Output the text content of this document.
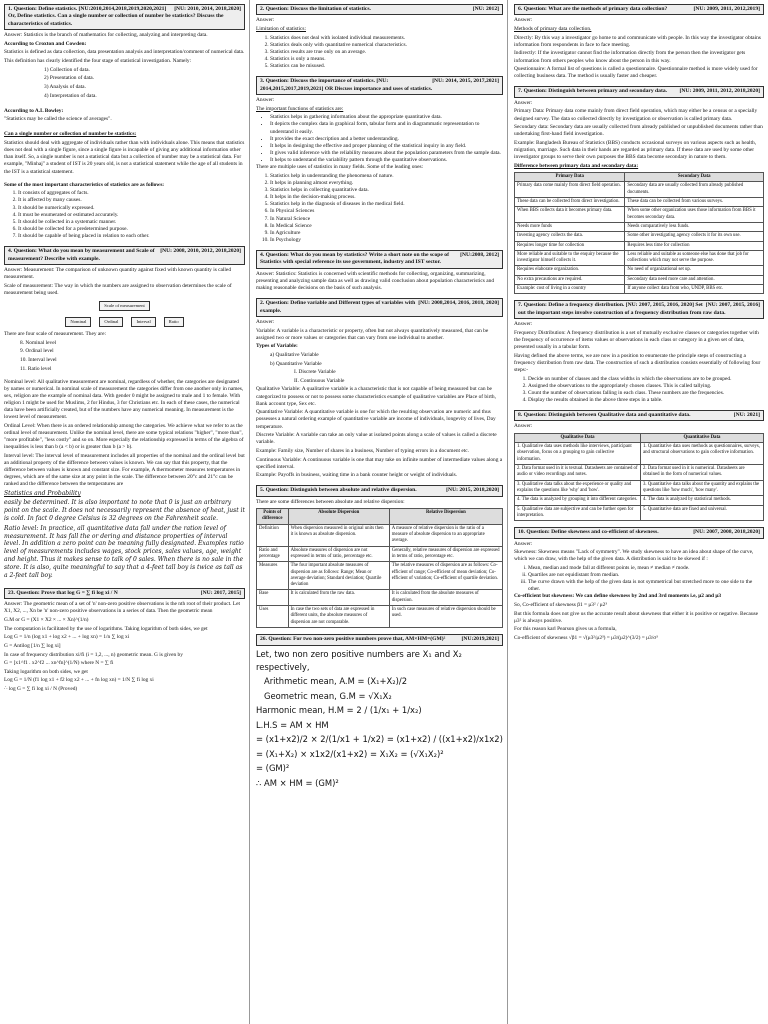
[NU: 2010, 2014, 2018,2020]
1. Question: Define statistics. [NU:2010,2014,2018,2019,2020,2021] Or, Define statistics. Can a single number or collection of number be statistics? Discuss the characteristics of statistics.

Answer: Statistics is the branch of mathematics for collecting, analyzing and interpreting data.

According to Croxton and Cowden:

Statistics is defined as data collection, data presentation analysis and interpretation/comment of numerical data.

This definition has clearly identified the four stage of statistical investigation. Namely:

1) Collection of data.

2) Presentation of data.

3) Analysis of data.

4) Interpretation of data.

According to A.L Bowley:

"Statistics may be called the science of averages".

Can a single number or collection of number be statistics:

Statistics should deal with aggregate of individuals rather than with individuals alone. This means that statistics does not deal with a single figure, since a single figure is incapable of giving any additional information other than itself. So, a single number is not a statistical data but a collection of number may be a statistical data. For example, "Minhaj" a student of IST is 20 years old, is not a statistical statement while the age of all students in the IST is a statistical statement.

Some of the most important characteristics of statistics are as follows:

1. It consists of aggregates of facts.
2. It is affected by many causes.
3. It should be numerically expressed.
4. It must be enumerated or estimated accurately.
5. It should be collected in a systematic manner.
6. It should be collected for a predetermined purpose.
7. It should be capable of being placed in relation to each other.
[NU: 2008, 2010, 2012, 2018,2020]
4. Question: What do you mean by measurement and Scale of measurement? Describe with example.

Answer: Measurement: The comparison of unknown quantity against fixed with known quantity is called measurement.

Scale of measurement: The way in which the numbers are assigned to observation determines the scale of measurement being used.

Scale of measurement
Nominal	Ordinal	Interval	Ratio

There are four scale of measurement. They are:

8. Nominal level

9. Ordinal level

10. Interval level

11. Ratio level

Nominal level: All qualitative measurement are nominal, regardless of whether, the categories are designated by names or numerical. In nominal scale of measurement the categories differ from one another only in names, sex, religion are the example of nominal data. With gender 0 might be assigned to male and 1 to female. With religion 1 might be used for Muslims, 2 for Hindus, 3 for Christians etc. In each of these cases, the numerical data have been artificially created, but of the numbers have any numerical meaning. In measurement is the lowest level of measurement.

Ordinal Level: When there is an ordered relationship among the categories. We achieve what we refer to as the ordinal level of measurement. Unlike the nominal level, there are some typical relations "higher", "more than", "more profitable", "less costly" and so on. More especially the relationship expressed in terms of the algebra of inequalities is less than b (a < b) or is greater than b (a > b).

Interval level: The interval level of measurement includes all properties of the nominal and the ordinal level but an additional property of the difference between values is known. We can say that this property, that the difference between values is known and constant size. For example, A thermometer measures temperatures in degrees, which are of the same size at any point in the scale. The difference between 20°c and 21°c can be ranked and the difference between the temperatures are

Statistics and Probability

easily be determined. It is also important to note that 0 is just an arbitrary point on the scale. It does not necessarily represent the absence of heat, just it is cold. In fact 0 degree Celsius is 32 degrees on the Fahrenheit scale.

Ratio level: In practice, all quantitative data fall under the ration level of measurement. It has fall the or dering and distance properties of interval level. In addition a zero point can be meaning fully designated. Examples ratio level of measurements includes wages, stock prices, sales values, age, weight and height. Thus it makes sense to talk of 0 sales. When there is no sale in the store. It is also, quite meaningful to say that a 4-feet tall boy is twice as tall as a 2-feet tall boy.

[NU: 2017, 2015]
23. Question: Prove that log G = ∑ fi log xi / N

Answer: The geometric mean of a set of 'n' non-zero positive observations is the nth root of their product. Let X1, X2, ..., Xn be 'n' non-zero positive observations in a series of data. Then the geometric mean

G.M or G = (X1 × X2 × ... × Xn)^(1/n)

The computation is facilitated by the use of logarithms. Taking logarithm of both sides, we get

Log G = 1/n (log x1 + log x2 + ... + log xn) = 1/n ∑ log xi

G = Antilog [1/n ∑ log xi]

In case of frequency distribution xi/fi (i = 1,2, ..., n) geometric mean. G is given by

G = [x1^f1 . x2^f2 ... xn^fn]^(1/N) where N = ∑ fi

Taking logarithm on both sides, we get

Log G = 1/N (f1 log x1 + f2 log x2 + ... + fn log xn) = 1/N ∑ fi log xi

∴ log G = ∑ fi log xi / N (Proved)

[NU: 2012]
2. Question: Discuss the limitation of statistics.

Answer:

Limitation of statistics:

1. Statistics does not deal with isolated individual measurements.
2. Statistics deals only with quantitative numerical characteristics.
3. Statistics results are true only on an average.
4. Statistics is only a means.
5. Statistics can be misused.
[NU: 2014, 2015, 2017,2021]
3. Question: Discuss the importance of statistics. [NU: 2014,2015,2017,2019,2021] OR Discuss importance and uses of statistics.

Answer:

The important functions of statistics are:

• Statistics helps in gathering information about the appropriate quantitative data.
• It depicts the complex data in graphical form, tabular form and in diagrammatic representation to understand it easily.
• It provides the exact description and a better understanding.
• It helps in designing the effective and proper planning of the statistical inquiry in any field.
• It gives valid inference with the reliability measures about the population parameters from the sample data.
• It helps to understand the variability pattern through the quantitative observations.

There are multiple uses of statistics in many fields. Some of the leading ones:

1. Statistics help in understanding the phenomena of nature.
2. It helps in planning almost everything.
3. Statistics helps in collecting quantitative data.
4. It helps in the decision-making process.
5. Statistics help in the diagnosis of diseases in the medical field.
6. In Physical Sciences
7. In Natural Science
8. In Medical Science
9. In Agriculture
10. In Psychology
[NU:2008, 2012]
4. Question: What do you mean by statistics? Write a short note on the scope of Statistics with special reference its use government, industry and IST sector.

Answer: Statistics: Statistics is concerned with scientific methods for collecting, organizing, summarizing, presenting and analyzing sample data as well as drawing valid conclusion about population characteristics and making reasonable decisions on the basis of such analysis.

[NU: 2008,2014, 2016, 2018, 2020]
2. Question: Define variable and Different types of variables with example.

Answer:

Variable: A variable is a characteristic or property, often but not always quantitatively measured, that can be assigned two or more values or categories that can vary from one individual to another.

Types of Variable:

a) Qualitative Variable

b) Quantitative Variable

I. Discrete Variable

II. Continuous Variable

Qualitative Variable: A qualitative variable is a characteristic that is not capable of being measured but can be categorized to possess or not to possess some characteristics example of qualitative variables are Place of birth, Bank account type, Sex etc.

Quantitative Variable: A quantitative variable is one for which the resulting observation are numeric and thus possesses a natural ordering example of quantitative variable are income of individuals, longevity of lives, Day temperature.

Discrete Variable: A variable can take an only value at isolated points along a scale of values is called a discrete variable.

Example: Family size, Number of shares in a business, Number of typing errors in a document etc.

Continuous Variable: A continuous variable is one that may take on infinite number of intermediate values along a specified interval.

Example: Payoffs in business, waiting time in a bank counter height or weight of individuals.

[NU: 2015, 2018,2020]
5. Question: Distinguish between absolute and relative dispersion.

There are some differences between absolute and relative dispersion:

Points of difference	Absolute Dispersion	Relative Dispersion
Definition	When dispersion measured in original units then it is known as absolute dispersion.	A measure of relative dispersion is the ratio of a measure of absolute dispersion to an appropriate average.
Ratio and percentage	Absolute measures of dispersion are not expressed in terms of ratio, percentage etc.	Generally, relative measures of dispersion are expressed in terms of ratio, percentage etc.
Measures	The four important absolute measures of dispersion are as follows: Range; Mean or average deviation; Standard deviation; Quartile deviation	The relative measures of dispersion are as follows: Co-efficient of range; Co-efficient of mean deviation; Co-efficient of variation; Co-efficient of quartile deviation.
Base	It is calculated from the raw data.	It is calculated from the absolute measures of dispersion.
Uses	In case the two sets of data are expressed in different units, the absolute measures of dispersion are not comparable.	In such case measures of relative dispersion should be used.
[NU:2019,2021]
26. Question: For two non-zero positive numbers prove that, AM×HM=(GM)²

Let, two non zero positive numbers are X₁ and X₂ respectively,

Arithmetic mean, A.M = (X₁+X₂)/2

Geometric mean, G.M = √X₁X₂

Harmonic mean, H.M = 2 / (1/x₁ + 1/x₂)

L.H.S = AM × HM

= (x1+x2)/2 × 2/(1/x1 + 1/x2) = (x1+x2) / ((x1+x2)/x1x2)

= (X₁+X₂) × x1x2/(x1+x2) = X₁X₂ = (√X₁X₂)²

= (GM)²

∴ AM × HM = (GM)²

[NU: 2009, 2011, 2012,2019]
6. Question: What are the methods of primary data collection?

Answer:

Methods of primary data collection.

Directly: By this way a investigator go home to and communicate with people. In this way the investigator obtains information from respondents in face to face meeting.

Indirectly: If the investigator cannot find the information directly from the person then the investigator gets information from others peoples who know about the person in this way.

Questionnaire: A formal list of questions is called a questionnaire. Questionnaire method is more widely used for collecting business data. The method is usually faster and cheaper.

[NU: 2009, 2011, 2012, 2018,2020]
7. Question: Distinguish between primary and secondary data.

Answer:

Primary Data: Primary data come mainly from direct field operation, which may either be a census or a specially designed survey. The data so collected directly by investigation or observation is called primary data.

Secondary data: Secondary data are usually collected from already published or unpublished documents rather than undertaking first-hand field investigation.

Example: Bangladesh Bureau of Statistics (BBS) conducts occasional surveys on various aspects such as health, migration, marriage. Such data in their hands are regarded as primary data. If these data are used by some other investigator groups to serve their own purposes the BBS data become secondary in nature to them.

Difference between primary data and secondary data:

Primary Data	Secondary Data
Primary data come mainly from direct field operation.	Secondary data are usually collected from already published documents.
These data can be collected from direct investigation.	These data can be collected from various surveys.
When BBS collects data it becomes primary data.	When some other organization uses those information from BBS it becomes secondary data.
Needs more funds	Needs comparatively less funds.
Investing agency collects the data.	Some other investigating agency collects it for its own use.
Requires longer time for collection	Requires less time for collection
More reliable and suitable to the enquiry because the investigator himself collects it.	Less reliable and suitable as someone else has done that job for collections which may not serve the purpose.
Requires elaborate organization.	No need of organizational set up.
No extra precautions are required.	Secondary data need more care and attention.
Example: cost of living in a country	If anyone collect data from who, UNDP, BBS etc.
[NU: 2007, 2015, 2016]
7. Question: Define a frequency distribution. [NU: 2007, 2015, 2016, 2020] Set out the important steps involve construction of a frequency distribution from raw data.

Answer:

Frequency Distribution: A frequency distribution is a set of mutually exclusive classes or categories together with the frequency of occurrence of items values or observations in each class or category in a given set of data, presented usually in a tabular form.

Having defined the above terms, we are now in a position to enumerate the principle steps of constructing a frequency distribution from raw data. The construction of such a distribution consists essentially of following four steps:-

1. Decide on number of classes and the class widths in which the observations are to be grouped.
2. Assigned the observations to the appropriately chosen classes. This is called tallying.
3. Count the number of observations falling in each class. These numbers are the frequencies.
4. Display the results obtained in the above three steps in a table.
[NU: 2021]
8. Question: Distinguish between Qualitative data and quantitative data.

Answer:

Qualitative Data	Quantitative Data
1. Qualitative data uses methods like interviews, participant observation, focus on a grouping to gain collective information.	1. Quantitative data uses methods as questionnaires, surveys, and structural observations to gain collective information.
2. Data format used in it is textual. Datasheets are contained of audio or video recordings and notes.	2. Data format used in it is numerical. Datasheets are obtained in the form of numerical values.
3. Qualitative data talks about the experience or quality and explains the questions like 'why' and 'how'.	3. Quantitative data talks about the quantity and explains the questions like 'how much', 'how many'.
4. The data is analyzed by grouping it into different categories.	4. The data is analyzed by statistical methods.
5. Qualitative data are subjective and can be further open for interpretation.	5. Quantitative data are fixed and universal.
[NU: 2007, 2008, 2018,2020]
10. Question: Define skewness and co-efficient of skewness.

Answer:

Skewness: Skewness means "Lack of symmetry". We study skewness to have an idea about shape of the curve, which we can draw, with the help of the given data. A distribution is said to be skewed if :

i. Mean, median and mode fall at different points ie, mean ≠ median ≠ mode.
ii. Quartiles are not equidistant from median.
iii. The curve drawn with the help of the given data is not symmetrical but stretched more to one side to the other.

Co-efficient but skewness: We can define skewness by 2nd and 3rd moments i.e, μ2 and μ3

So, Co-efficient of skewness β1 = μ3² / μ2³

But this formula does not give us the accurate result about skewness that either it is positive or negative. Because μ3² is always positive.

For this reason karl Pearson gives us a formula,

Co-efficient of skewness √β1 = √(μ3²/μ2³) = μ3/(μ2)^(3/2) = μ3/σ³
